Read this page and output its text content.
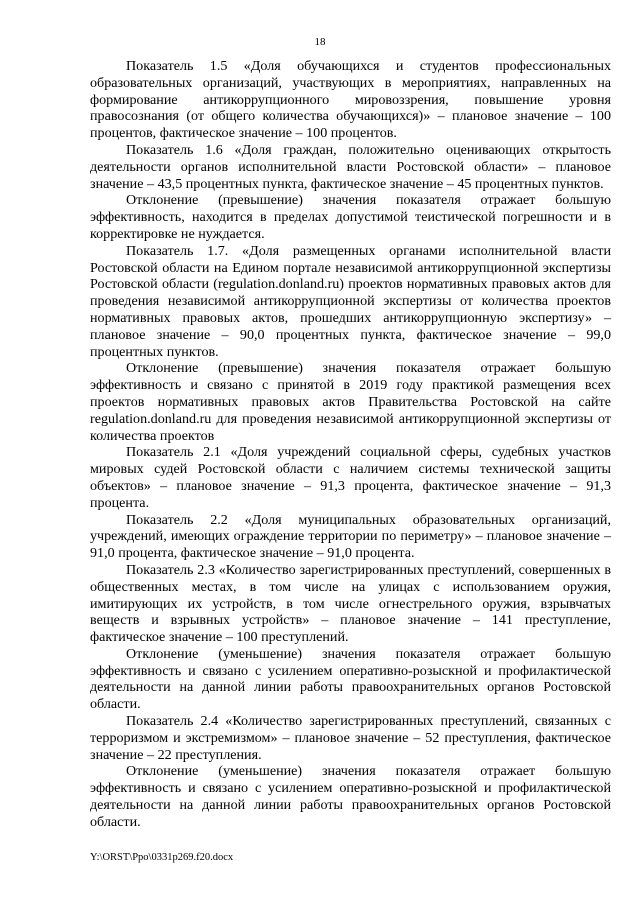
18

Показатель 1.5 «Доля обучающихся и студентов профессиональных образовательных организаций, участвующих в мероприятиях, направленных на формирование антикоррупционного мировоззрения, повышение уровня правосознания (от общего количества обучающихся)» – плановое значение – 100 процентов, фактическое значение – 100 процентов.

Показатель 1.6 «Доля граждан, положительно оценивающих открытость деятельности органов исполнительной власти Ростовской области» – плановое значение – 43,5 процентных пункта, фактическое значение – 45 процентных пунктов.

Отклонение (превышение) значения показателя отражает большую эффективность, находится в пределах допустимой теистической погрешности и в корректировке не нуждается.

Показатель 1.7. «Доля размещенных органами исполнительной власти Ростовской области на Едином портале независимой антикоррупционной экспертизы Ростовской области (regulation.donland.ru) проектов нормативных правовых актов для проведения независимой антикоррупционной экспертизы от количества проектов нормативных правовых актов, прошедших антикоррупционную экспертизу» – плановое значение – 90,0 процентных пункта, фактическое значение – 99,0 процентных пунктов.

Отклонение (превышение) значения показателя отражает большую эффективность и связано с принятой в 2019 году практикой размещения всех проектов нормативных правовых актов Правительства Ростовской на сайте regulation.donland.ru для проведения независимой антикоррупционной экспертизы от количества проектов

Показатель 2.1 «Доля учреждений социальной сферы, судебных участков мировых судей Ростовской области с наличием системы технической защиты объектов» – плановое значение – 91,3 процента, фактическое значение – 91,3 процента.

Показатель 2.2 «Доля муниципальных образовательных организаций, учреждений, имеющих ограждение территории по периметру» – плановое значение – 91,0 процента, фактическое значение – 91,0 процента.

Показатель 2.3 «Количество зарегистрированных преступлений, совершенных в общественных местах, в том числе на улицах с использованием оружия, имитирующих их устройств, в том числе огнестрельного оружия, взрывчатых веществ и взрывных устройств» – плановое значение – 141 преступление, фактическое значение – 100 преступлений.

Отклонение (уменьшение) значения показателя отражает большую эффективность и связано с усилением оперативно-розыскной и профилактической деятельности на данной линии работы правоохранительных органов Ростовской области.

Показатель 2.4 «Количество зарегистрированных преступлений, связанных с терроризмом и экстремизмом» – плановое значение – 52 преступления, фактическое значение – 22 преступления.

Отклонение (уменьшение) значения показателя отражает большую эффективность и связано с усилением оперативно-розыскной и профилактической деятельности на данной линии работы правоохранительных органов Ростовской области.

Y:\ORST\Ppo\0331p269.f20.docx
